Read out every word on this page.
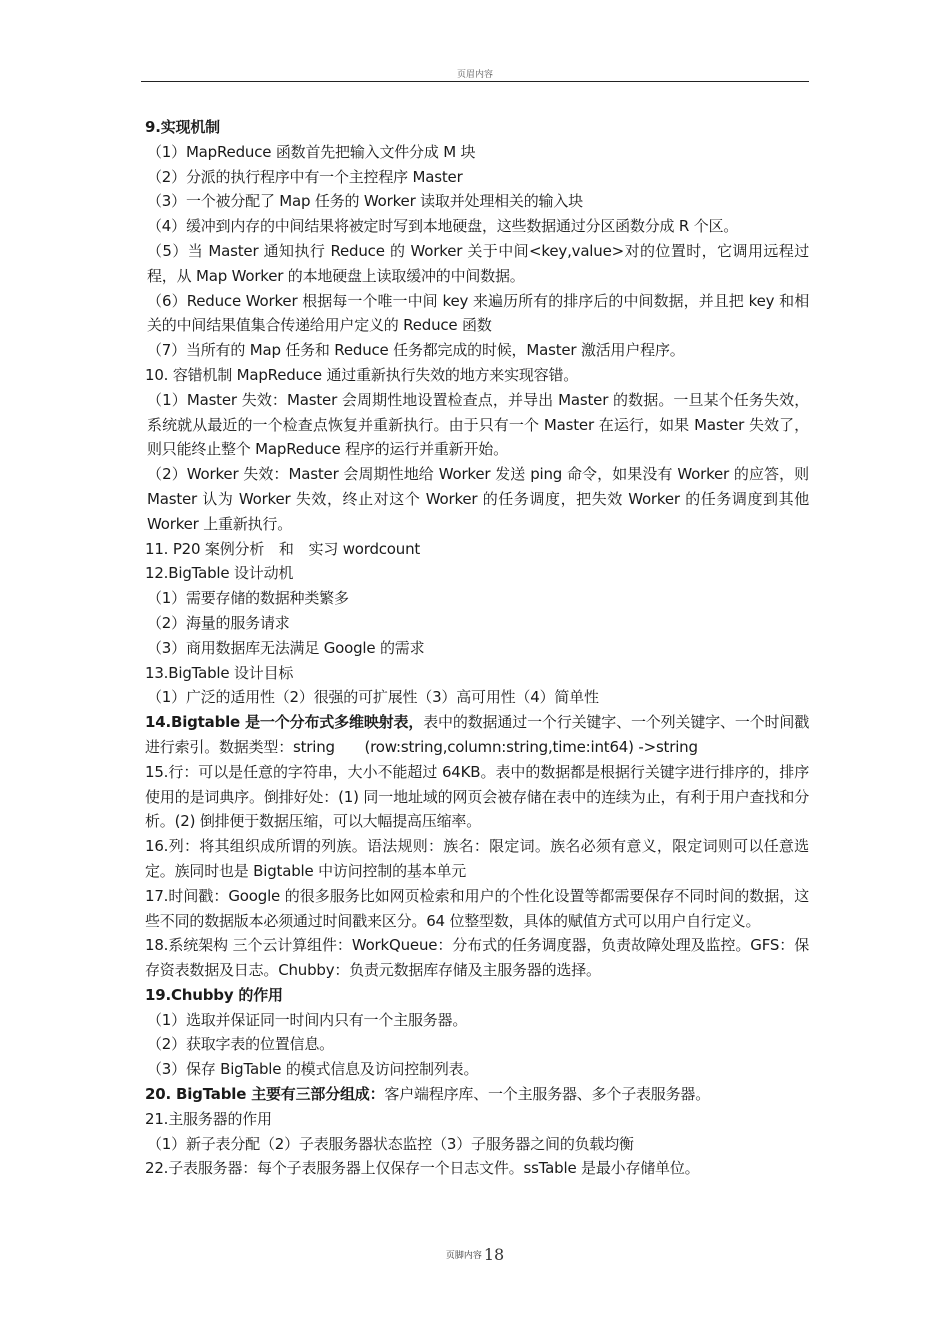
页眉内容

9.实现机制

（1）MapReduce 函数首先把输入文件分成 M 块

（2）分派的执行程序中有一个主控程序 Master

（3）一个被分配了 Map 任务的 Worker 读取并处理相关的输入块

（4）缓冲到内存的中间结果将被定时写到本地硬盘，这些数据通过分区函数分成 R 个区。

（5）当 Master 通知执行 Reduce 的 Worker 关于中间<key,value>对的位置时，它调用远程过程，从 Map Worker 的本地硬盘上读取缓冲的中间数据。

（6）Reduce Worker 根据每一个唯一中间 key 来遍历所有的排序后的中间数据，并且把 key 和相关的中间结果值集合传递给用户定义的 Reduce 函数

（7）当所有的 Map 任务和 Reduce 任务都完成的时候，Master 激活用户程序。

10. 容错机制 MapReduce 通过重新执行失效的地方来实现容错。

（1）Master 失效：Master 会周期性地设置检查点，并导出 Master 的数据。一旦某个任务失效，系统就从最近的一个检查点恢复并重新执行。由于只有一个 Master 在运行，如果 Master 失效了，则只能终止整个 MapReduce 程序的运行并重新开始。

（2）Worker 失效：Master 会周期性地给 Worker 发送 ping 命令，如果没有 Worker 的应答，则 Master 认为 Worker 失效，终止对这个 Worker 的任务调度，把失效 Worker 的任务调度到其他 Worker 上重新执行。

11. P20 案例分析　和　实习 wordcount

12.BigTable 设计动机

（1）需要存储的数据种类繁多

（2）海量的服务请求

（3）商用数据库无法满足 Google 的需求

13.BigTable 设计目标

（1）广泛的适用性（2）很强的可扩展性（3）高可用性（4）简单性

14.Bigtable 是一个分布式多维映射表，表中的数据通过一个行关键字、一个列关键字、一个时间戳进行索引。数据类型：string　　(row:string,column:string,time:int64) ->string

15.行：可以是任意的字符串，大小不能超过 64KB。表中的数据都是根据行关键字进行排序的，排序使用的是词典序。倒排好处：(1) 同一地址域的网页会被存储在表中的连续为止，有利于用户查找和分析。(2) 倒排便于数据压缩，可以大幅提高压缩率。

16.列：将其组织成所谓的列族。语法规则：族名：限定词。族名必须有意义，限定词则可以任意选定。族同时也是 Bigtable 中访问控制的基本单元

17.时间戳：Google 的很多服务比如网页检索和用户的个性化设置等都需要保存不同时间的数据，这些不同的数据版本必须通过时间戳来区分。64 位整型数，具体的赋值方式可以用户自行定义。

18.系统架构 三个云计算组件：WorkQueue：分布式的任务调度器，负责故障处理及监控。GFS：保存资表数据及日志。Chubby：负责元数据库存储及主服务器的选择。

19.Chubby 的作用

（1）选取并保证同一时间内只有一个主服务器。

（2）获取字表的位置信息。

（3）保存 BigTable 的模式信息及访问控制列表。

20. BigTable 主要有三部分组成：客户端程序库、一个主服务器、多个子表服务器。

21.主服务器的作用

（1）新子表分配（2）子表服务器状态监控（3）子服务器之间的负载均衡

22.子表服务器：每个子表服务器上仅保存一个日志文件。ssTable 是最小存储单位。

页脚内容 18
